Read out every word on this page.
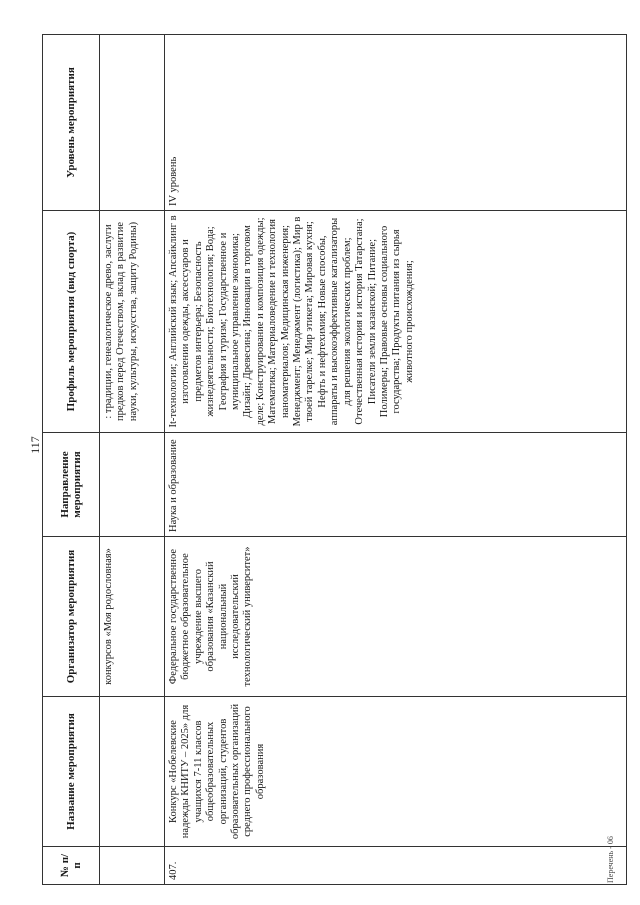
117
№ п/п	Название мероприятия	Организатор мероприятия	Направление мероприятия	Профиль мероприятия (вид спорта)	Уровень мероприятия
		конкурсов «Моя родословная»		: традиции, генеалогическое древо, заслуги предков перед Отечеством, вклад в развитие науки, культуры, искусства, защиту Родины)	
407.	Конкурс «Нобелевские надежды КНИТУ – 2025» для учащихся 7-11 классов общеобразовательных организаций, студентов образовательных организаций среднего профессионального образования	Федеральное государственное бюджетное образовательное учреждение высшего образования «Казанский национальный исследовательский технологический университет»	Наука и образование	It-технологии; Английский язык; Апсайклинг в изготовлении одежды, аксессуаров и предметов интерьера; Безопасность жизнедеятельности; Биотехнология; Вода; География и туризм; Государственное и муниципальное управление экономика; Дизайн; Древесина; Инновации в торговом деле; Конструирование и композиция одежды; Математика; Материаловедение и технология наноматериалов; Медицинская инженерия; Менеджмент; Менеджмент (логистика); Мир в твоей тарелке; Мир этикета; Мировая кухня; Нефть и нефтехимия; Новые способы, аппараты и высокоэффективные катализаторы для решения экологических проблем; Отечественная история и история Татарстана; Писатели земли казанской; Питание; Полимеры; Правовые основы социального государства; Продукты питания из сырья животного происхождения;	IV уровень
Перечень - 06
